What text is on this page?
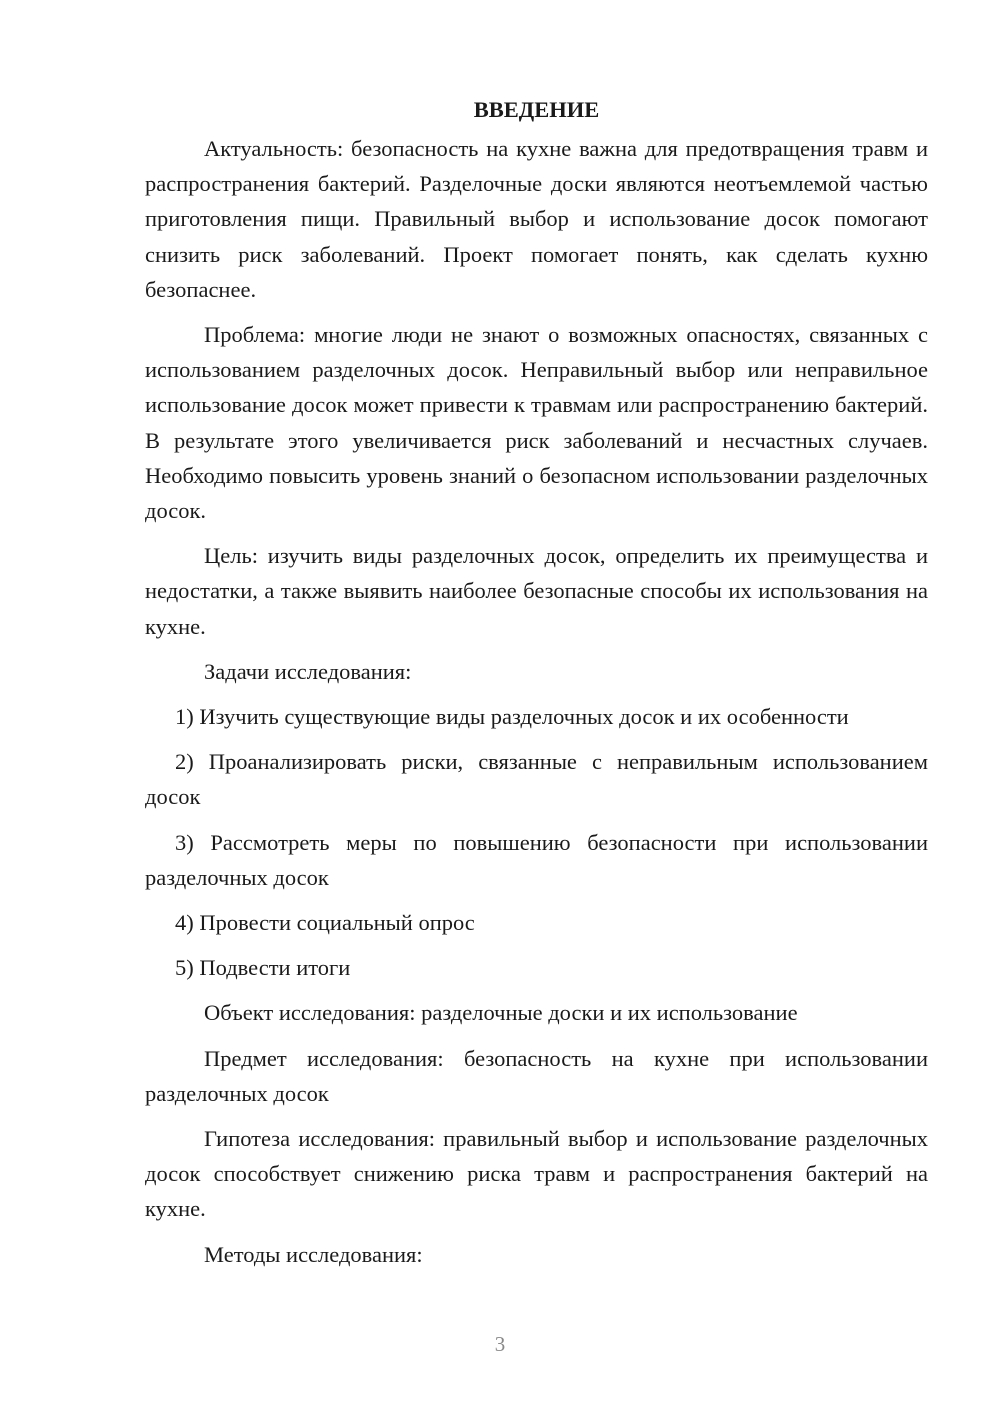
ВВЕДЕНИЕ

Актуальность: безопасность на кухне важна для предотвращения травм и распространения бактерий. Разделочные доски являются неотъемлемой частью приготовления пищи. Правильный выбор и использование досок помогают снизить риск заболеваний. Проект помогает понять, как сделать кухню безопаснее.

Проблема: многие люди не знают о возможных опасностях, связанных с использованием разделочных досок. Неправильный выбор или неправильное использование досок может привести к травмам или распространению бактерий. В результате этого увеличивается риск заболеваний и несчастных случаев. Необходимо повысить уровень знаний о безопасном использовании разделочных досок.

Цель: изучить виды разделочных досок, определить их преимущества и недостатки, а также выявить наиболее безопасные способы их использования на кухне.

Задачи исследования:

1) Изучить существующие виды разделочных досок и их особенности

2) Проанализировать риски, связанные с неправильным использованием досок

3) Рассмотреть меры по повышению безопасности при использовании разделочных досок

4) Провести социальный опрос

5) Подвести итоги

Объект исследования: разделочные доски и их использование

Предмет исследования: безопасность на кухне при использовании разделочных досок

Гипотеза исследования: правильный выбор и использование разделочных досок способствует снижению риска травм и распространения бактерий на кухне.

Методы исследования:

3
